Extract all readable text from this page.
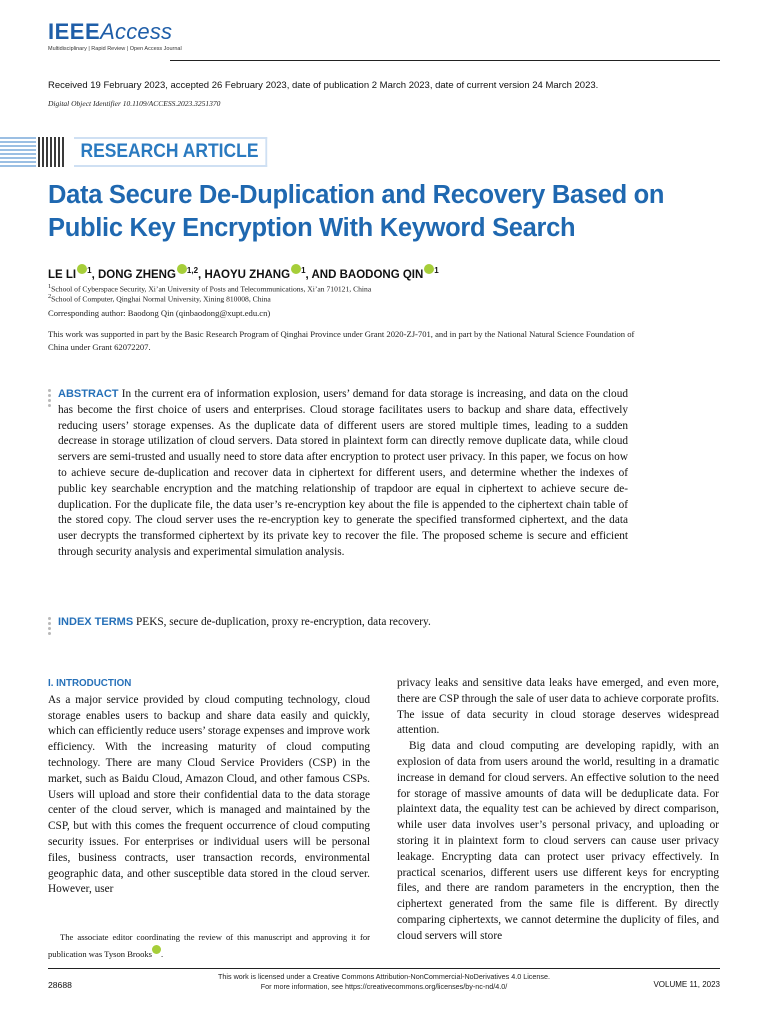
IEEEAccess
Multidisciplinary | Rapid Review | Open Access Journal
Received 19 February 2023, accepted 26 February 2023, date of publication 2 March 2023, date of current version 24 March 2023.
Digital Object Identifier 10.1109/ACCESS.2023.3251370
RESEARCH ARTICLE
Data Secure De-Duplication and Recovery Based on Public Key Encryption With Keyword Search
LE LI $^1$, DONG ZHENG $^{1,2}$, HAOYU ZHANG $^1$, AND BAODONG QIN $^1$
$^1$School of Cyberspace Security, Xi’an University of Posts and Telecommunications, Xi’an 710121, China
$^2$School of Computer, Qinghai Normal University, Xining 810008, China
Corresponding author: Baodong Qin (qinbaodong@xupt.edu.cn)
This work was supported in part by the Basic Research Program of Qinghai Province under Grant 2020-ZJ-701, and in part by the National Natural Science Foundation of China under Grant 62072207.

ABSTRACT In the current era of information explosion, users’ demand for data storage is increasing, and data on the cloud has become the first choice of users and enterprises. Cloud storage facilitates users to backup and share data, effectively reducing users’ storage expenses. As the duplicate data of different users are stored multiple times, leading to a sudden decrease in storage utilization of cloud servers. Data stored in plaintext form can directly remove duplicate data, while cloud servers are semi-trusted and usually need to store data after encryption to protect user privacy. In this paper, we focus on how to achieve secure de-duplication and recover data in ciphertext for different users, and determine whether the indexes of public key searchable encryption and the matching relationship of trapdoor are equal in ciphertext to achieve secure de-duplication. For the duplicate file, the data user’s re-encryption key about the file is appended to the ciphertext chain table of the stored copy. The cloud server uses the re-encryption key to generate the specified transformed ciphertext, and the data user decrypts the transformed ciphertext by its private key to recover the file. The proposed scheme is secure and efficient through security analysis and experimental simulation analysis.

INDEX TERMS PEKS, secure de-duplication, proxy re-encryption, data recovery.

I. INTRODUCTION

As a major service provided by cloud computing technology, cloud storage enables users to backup and share data easily and quickly, which can efficiently reduce users’ storage expenses and improve work efficiency. With the increasing maturity of cloud computing technology. There are many Cloud Service Providers (CSP) in the market, such as Baidu Cloud, Amazon Cloud, and other famous CSPs. Users will upload and store their confidential data to the data storage center of the cloud server, which is managed and maintained by the CSP, but with this comes the frequent occurrence of cloud computing security issues. For enterprises or individual users will be personal files, business contracts, user transaction records, environmental geographic data, and other susceptible data stored in the cloud server. However, user

privacy leaks and sensitive data leaks have emerged, and even more, there are CSP through the sale of user data to achieve corporate profits. The issue of data security in cloud storage deserves widespread attention.

Big data and cloud computing are developing rapidly, with an explosion of data from users around the world, resulting in a dramatic increase in demand for cloud servers. An effective solution to the need for storage of massive amounts of data will be deduplicate data. For plaintext data, the equality test can be achieved by direct comparison, while user data involves user’s personal privacy, and uploading or storing it in plaintext form to cloud servers can cause user privacy leakage. Encrypting data can protect user privacy effectively. In practical scenarios, different users use different keys for encrypting files, and there are random parameters in the encryption, then the ciphertext generated from the same file is different. By directly comparing ciphertexts, we cannot determine the duplicity of files, and cloud servers will store

The associate editor coordinating the review of this manuscript and approving it for publication was Tyson Brooks .

This work is licensed under a Creative Commons Attribution-NonCommercial-NoDerivatives 4.0 License.
For more information, see https://creativecommons.org/licenses/by-nc-nd/4.0/
28688	VOLUME 11, 2023
